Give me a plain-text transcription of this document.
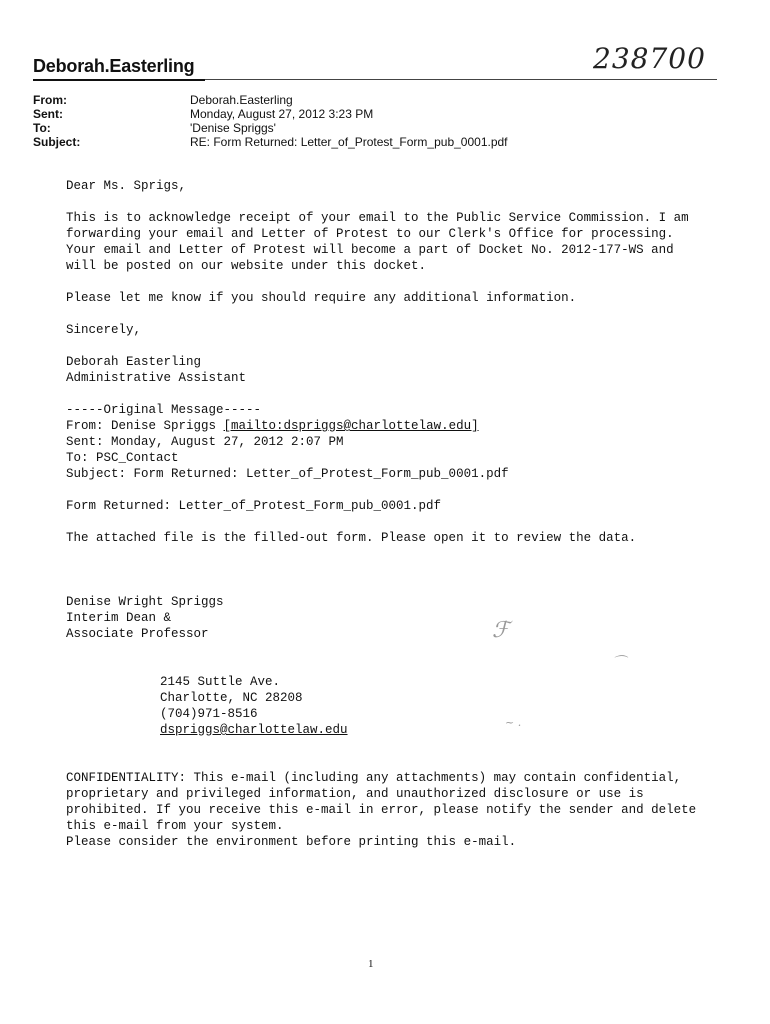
Deborah.Easterling	238700
From:	Deborah.Easterling
Sent:	Monday, August 27, 2012 3:23 PM
To:	'Denise Spriggs'
Subject:	RE: Form Returned: Letter_of_Protest_Form_pub_0001.pdf
Dear Ms. Sprigs,
This is to acknowledge receipt of your email to the Public Service Commission. I am
forwarding your email and Letter of Protest to our Clerk's Office for processing.
Your email and Letter of Protest will become a part of Docket No. 2012-177-WS and
will be posted on our website under this docket.
Please let me know if you should require any additional information.
Sincerely,
Deborah Easterling
Administrative Assistant
-----Original Message-----
From: Denise Spriggs [mailto:dspriggs@charlottelaw.edu]
Sent: Monday, August 27, 2012 2:07 PM
To: PSC_Contact
Subject: Form Returned: Letter_of_Protest_Form_pub_0001.pdf
Form Returned: Letter_of_Protest_Form_pub_0001.pdf
The attached file is the filled-out form. Please open it to review the data.
Denise Wright Spriggs
Interim Dean &
Associate Professor
2145 Suttle Ave.
Charlotte, NC 28208
(704)971-8516
dspriggs@charlottelaw.edu
CONFIDENTIALITY: This e-mail (including any attachments) may contain confidential,
proprietary and privileged information, and unauthorized disclosure or use is
prohibited. If you receive this e-mail in error, please notify the sender and delete
this e-mail from your system.
Please consider the environment before printing this e-mail.
ℱ
⌒
~ .
1
